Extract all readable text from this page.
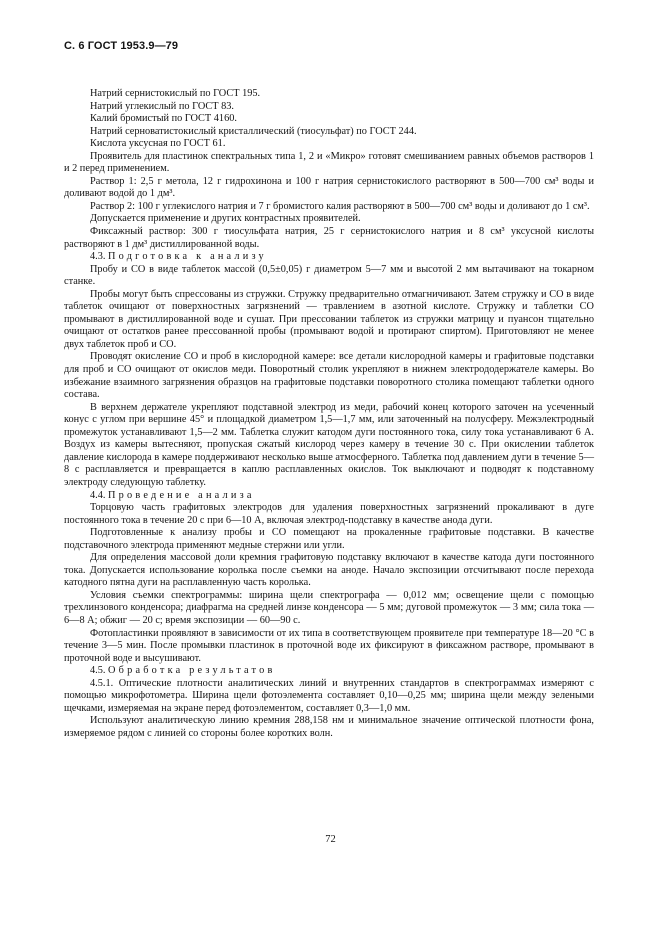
С. 6 ГОСТ 1953.9—79

Натрий сернистокислый по ГОСТ 195.

Натрий углекислый по ГОСТ 83.

Калий бромистый по ГОСТ 4160.

Натрий серноватистокислый кристаллический (тиосульфат) по ГОСТ 244.

Кислота уксусная по ГОСТ 61.

Проявитель для пластинок спектральных типа 1, 2 и «Микро» готовят смешиванием равных объемов растворов 1 и 2 перед применением.

Раствор 1: 2,5 г метола, 12 г гидрохинона и 100 г натрия сернистокислого растворяют в 500—700 см³ воды и доливают водой до 1 дм³.

Раствор 2: 100 г углекислого натрия и 7 г бромистого калия растворяют в 500—700 см³ воды и доливают до 1 см³.

Допускается применение и других контрастных проявителей.

Фиксажный раствор: 300 г тиосульфата натрия, 25 г сернистокислого натрия и 8 см³ уксусной кислоты растворяют в 1 дм³ дистиллированной воды.

4.3. Подготовка к анализу

Пробу и СО в виде таблеток массой (0,5±0,05) г диаметром 5—7 мм и высотой 2 мм вытачивают на токарном станке.

Пробы могут быть спрессованы из стружки. Стружку предварительно отмагничивают. Затем стружку и СО в виде таблеток очищают от поверхностных загрязнений — травлением в азотной кислоте. Стружку и таблетки СО промывают в дистиллированной воде и сушат. При прессовании таблеток из стружки матрицу и пуансон тщательно очищают от остатков ранее прессованной пробы (промывают водой и протирают спиртом). Приготовляют не менее двух таблеток проб и СО.

Проводят окисление СО и проб в кислородной камере: все детали кислородной камеры и графитовые подставки для проб и СО очищают от окислов меди. Поворотный столик укрепляют в нижнем электрододержателе камеры. Во избежание взаимного загрязнения образцов на графитовые подставки поворотного столика помещают таблетки одного состава.

В верхнем держателе укрепляют подставной электрод из меди, рабочий конец которого заточен на усеченный конус с углом при вершине 45° и площадкой диаметром 1,5—1,7 мм, или заточенный на полусферу. Межэлектродный промежуток устанавливают 1,5—2 мм. Таблетка служит катодом дуги постоянного тока, силу тока устанавливают 6 А. Воздух из камеры вытесняют, пропуская сжатый кислород через камеру в течение 30 с. При окислении таблеток давление кислорода в камере поддерживают несколько выше атмосферного. Таблетка под давлением дуги в течение 5—8 с расплавляется и превращается в каплю расплавленных окислов. Ток выключают и подводят к подставному электроду следующую таблетку.

4.4. Проведение анализа

Торцовую часть графитовых электродов для удаления поверхностных загрязнений прокаливают в дуге постоянного тока в течение 20 с при 6—10 А, включая электрод-подставку в качестве анода дуги.

Подготовленные к анализу пробы и СО помещают на прокаленные графитовые подставки. В качестве подставочного электрода применяют медные стержни или угли.

Для определения массовой доли кремния графитовую подставку включают в качестве катода дуги постоянного тока. Допускается использование королька после съемки на аноде. Начало экспозиции отсчитывают после перехода катодного пятна дуги на расплавленную часть королька.

Условия съемки спектрограммы: ширина щели спектрографа — 0,012 мм; освещение щели с помощью трехлинзового конденсора; диафрагма на средней линзе конденсора — 5 мм; дуговой промежуток — 3 мм; сила тока — 6—8 А; обжиг — 20 с; время экспозиции — 60—90 с.

Фотопластинки проявляют в зависимости от их типа в соответствующем проявителе при температуре 18—20 °С в течение 3—5 мин. После промывки пластинок в проточной воде их фиксируют в фиксажном растворе, промывают в проточной воде и высушивают.

4.5. Обработка результатов

4.5.1. Оптические плотности аналитических линий и внутренних стандартов в спектрограммах измеряют с помощью микрофотометра. Ширина щели фотоэлемента составляет 0,10—0,25 мм; ширина щели между зелеными щечками, измеряемая на экране перед фотоэлементом, составляет 0,3—1,0 мм.

Используют аналитическую линию кремния 288,158 нм и минимальное значение оптической плотности фона, измеряемое рядом с линией со стороны более коротких волн.

72
